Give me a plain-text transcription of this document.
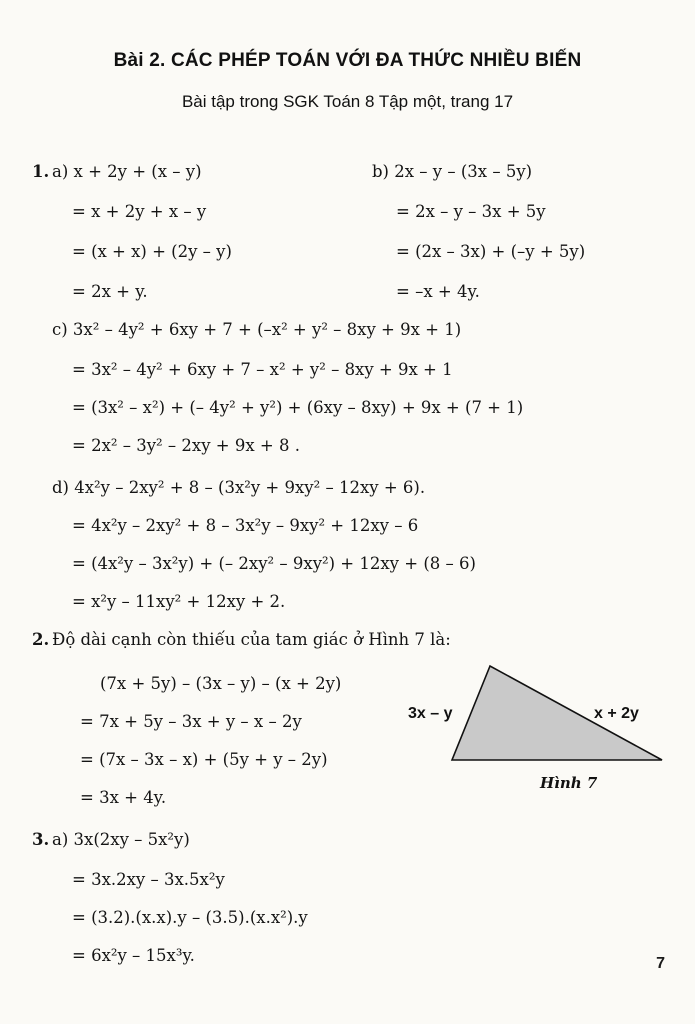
Bài 2. CÁC PHÉP TOÁN VỚI ĐA THỨC NHIỀU BIẾN
Bài tập trong SGK Toán 8 Tập một, trang 17
1. a) x + 2y + (x – y)
= x + 2y + x – y
= (x + x) + (2y – y)
= 2x + y.
b) 2x – y – (3x – 5y)
= 2x – y – 3x + 5y
= (2x – 3x) + (–y + 5y)
= –x + 4y.
c) 3x² – 4y² + 6xy + 7 + (–x² + y² – 8xy + 9x + 1)
= 3x² – 4y² + 6xy + 7 – x² + y² – 8xy + 9x + 1
= (3x² – x²) + (– 4y² + y²) + (6xy – 8xy) + 9x + (7 + 1)
= 2x² – 3y² – 2xy + 9x + 8 .
d) 4x²y – 2xy² + 8 – (3x²y + 9xy² – 12xy + 6).
= 4x²y – 2xy² + 8 – 3x²y – 9xy² + 12xy – 6
= (4x²y – 3x²y) + (– 2xy² – 9xy²) + 12xy + (8 – 6)
= x²y – 11xy² + 12xy + 2.
2. Độ dài cạnh còn thiếu của tam giác ở Hình 7 là:
(7x + 5y) – (3x – y) – (x + 2y)
= 7x + 5y – 3x + y – x – 2y
= (7x – 3x – x) + (5y + y – 2y)
= 3x + 4y.
3x – y	x + 2y
Hình 7
3. a) 3x(2xy – 5x²y)
= 3x.2xy – 3x.5x²y
= (3.2).(x.x).y – (3.5).(x.x²).y
= 6x²y – 15x³y.	7
